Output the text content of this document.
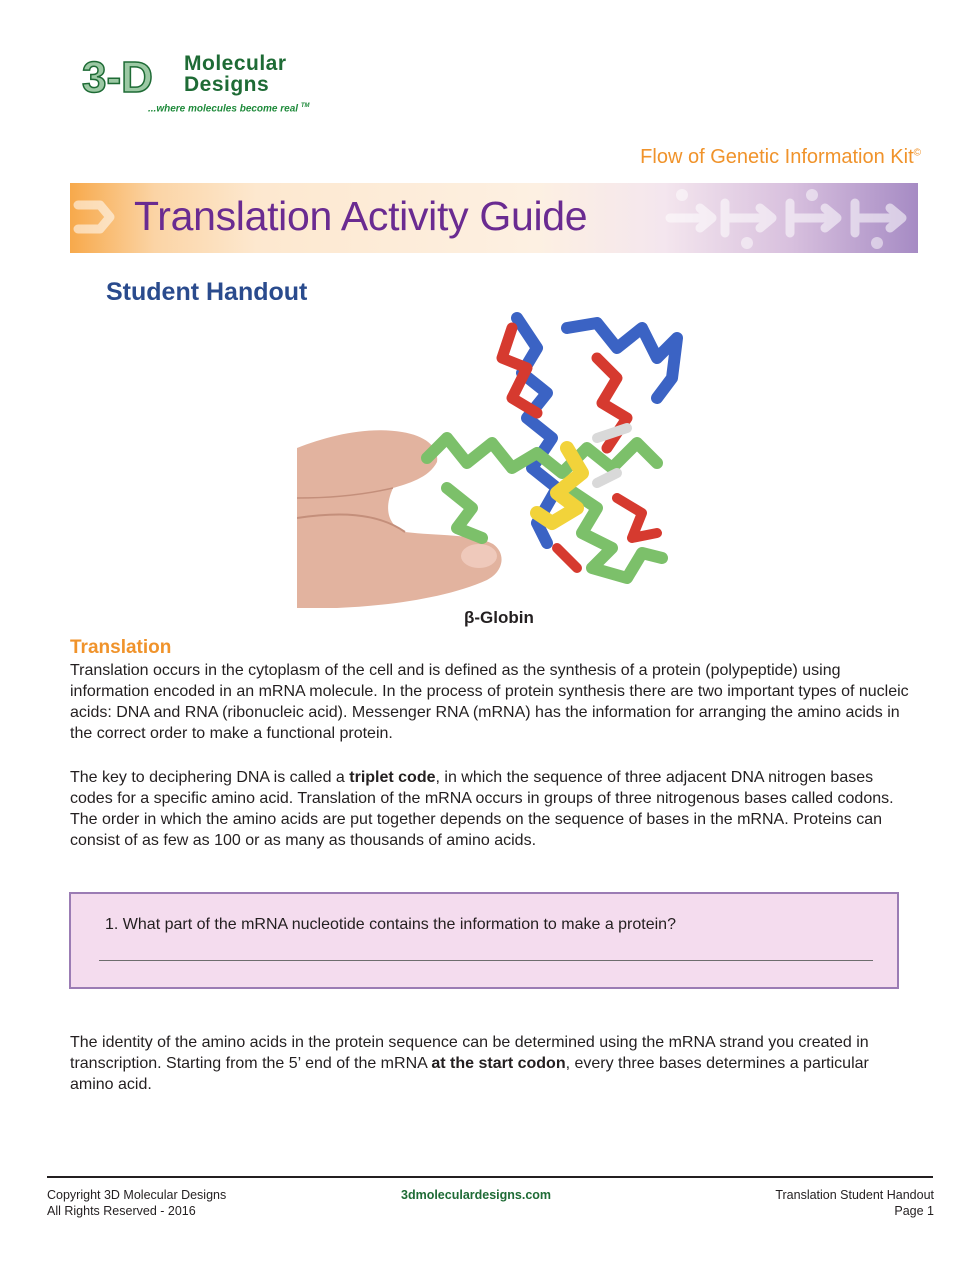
3-D Molecular
Designs
...where molecules become real ™
Flow of Genetic Information Kit©
Translation Activity Guide
Student Handout
β-Globin
Translation
Translation occurs in the cytoplasm of the cell and is defined as the synthesis of a protein (polypeptide) using information encoded in an mRNA molecule. In the process of protein synthesis there are two important types of nucleic acids: DNA and RNA (ribonucleic acid). Messenger RNA (mRNA) has the information for arranging the amino acids in the correct order to make a functional protein.
The key to deciphering DNA is called a triplet code, in which the sequence of three adjacent DNA nitrogen bases codes for a specific amino acid. Translation of the mRNA occurs in groups of three nitrogenous bases called codons. The order in which the amino acids are put together depends on the sequence of bases in the mRNA. Proteins can consist of as few as 100 or as many as thousands of amino acids.
1. What part of the mRNA nucleotide contains the information to make a protein?
The identity of the amino acids in the protein sequence can be determined using the mRNA strand you created in transcription. Starting from the 5’ end of the mRNA at the start codon, every three bases determines a particular amino acid.
Copyright 3D Molecular Designs
All Rights Reserved - 2016
3dmoleculardesigns.com	Translation Student Handout
Page 1
